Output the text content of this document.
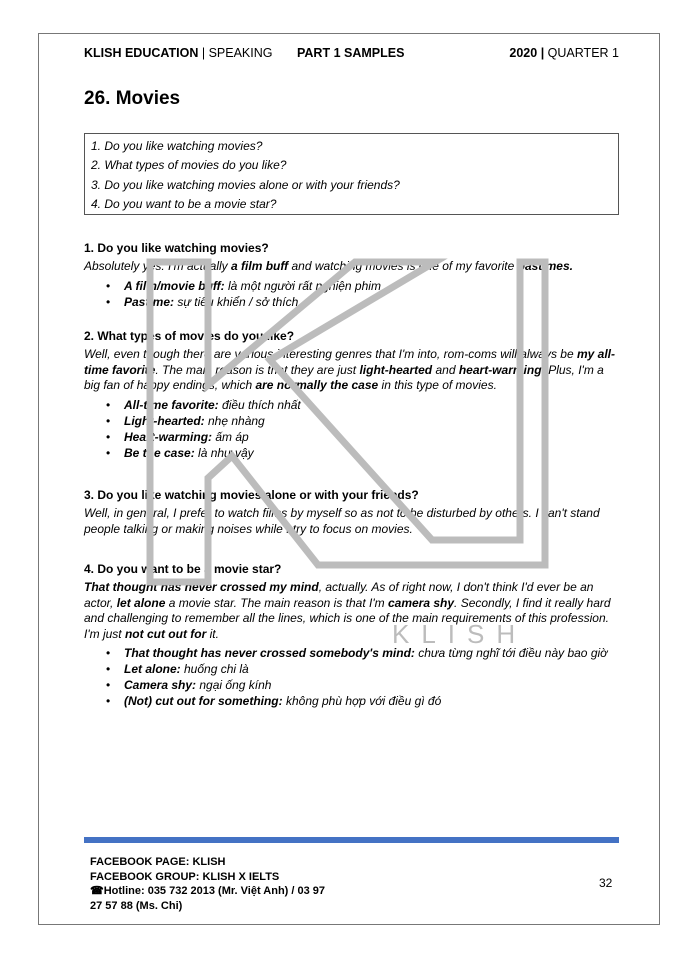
KLISH EDUCATION | SPEAKING PART 1 SAMPLES	2020 | QUARTER 1
26. Movies
1. Do you like watching movies?
2. What types of movies do you like?
3. Do you like watching movies alone or with your friends?
4. Do you want to be a movie star?
1. Do you like watching movies?

Absolutely yes. I'm actually a film buff and watching movies is one of my favorite pastimes.

• A film/movie buff: là một người rất nghiện phim
• Pastime: sự tiêu khiển / sở thích
2. What types of movies do you like?

Well, even though there are various interesting genres that I'm into, rom-coms will always be my all-time favorite. The main reason is that they are just light-hearted and heart-warming. Plus, I'm a big fan of happy endings, which are normally the case in this type of movies.

• All-time favorite: điều thích nhất
• Light-hearted: nhẹ nhàng
• Heart-warming: ấm áp
• Be the case: là như vậy
3. Do you like watching movies alone or with your friends?

Well, in general, I prefer to watch films by myself so as not to be disturbed by others. I can't stand people talking or making noises while I try to focus on movies.

4. Do you want to be a movie star?

That thought has never crossed my mind, actually. As of right now, I don't think I'd ever be an actor, let alone a movie star. The main reason is that I'm camera shy. Secondly, I find it really hard and challenging to remember all the lines, which is one of the main requirements of this profession. I'm just not cut out for it.

• That thought has never crossed somebody's mind: chưa từng nghĩ tới điều này bao giờ
• Let alone: huống chi là
• Camera shy: ngại ống kính
• (Not) cut out for something: không phù hợp với điều gì đó
FACEBOOK PAGE: KLISH
FACEBOOK GROUP: KLISH X IELTS
☎Hotline: 035 732 2013 (Mr. Việt Anh) / 03 97
27 57 88 (Ms. Chi)
32
KLISH
